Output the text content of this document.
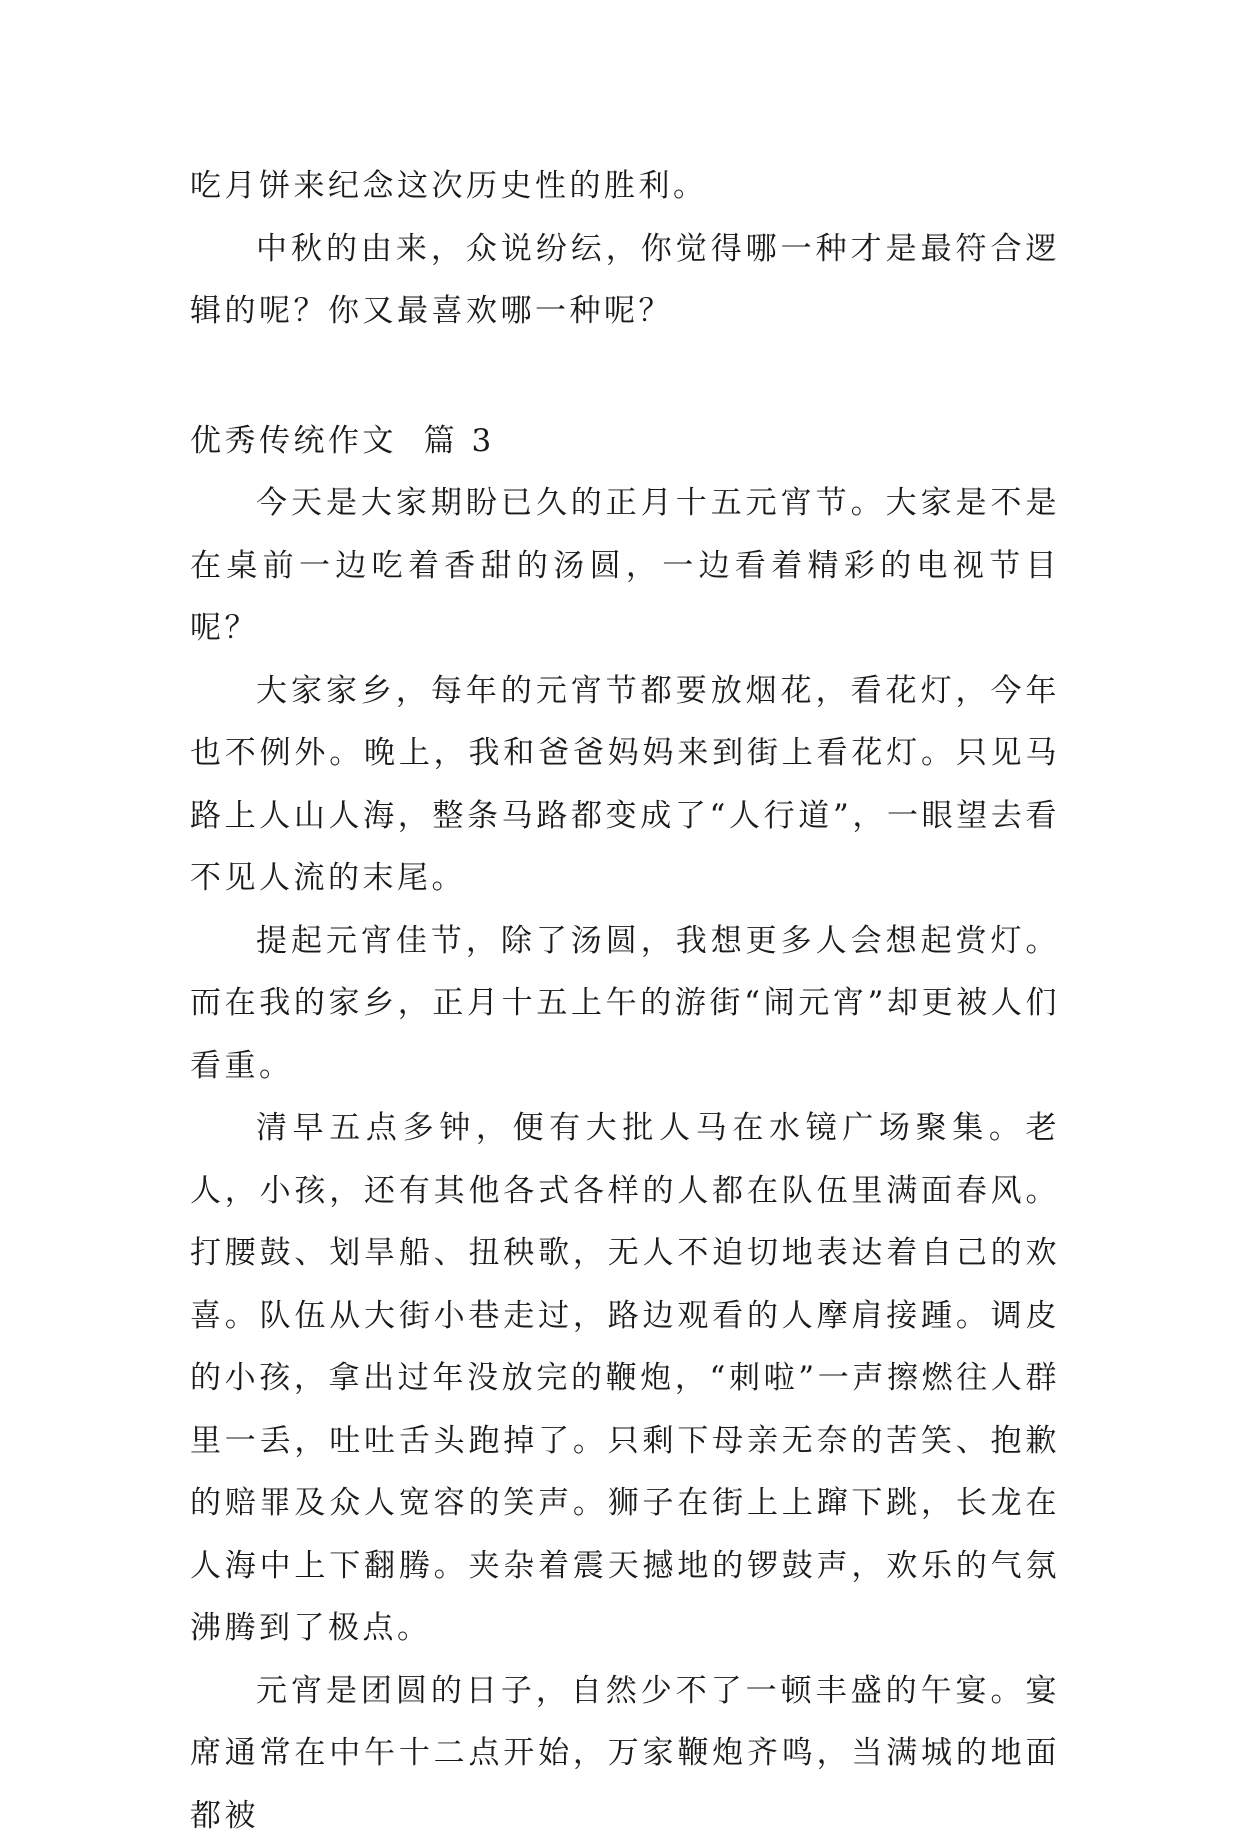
吃月饼来纪念这次历史性的胜利。

中秋的由来，众说纷纭，你觉得哪一种才是最符合逻辑的呢？你又最喜欢哪一种呢？

优秀传统作文  篇 3

今天是大家期盼已久的正月十五元宵节。大家是不是在桌前一边吃着香甜的汤圆，一边看着精彩的电视节目呢？

大家家乡，每年的元宵节都要放烟花，看花灯，今年也不例外。晚上，我和爸爸妈妈来到街上看花灯。只见马路上人山人海，整条马路都变成了“人行道”，一眼望去看不见人流的末尾。

提起元宵佳节，除了汤圆，我想更多人会想起赏灯。而在我的家乡，正月十五上午的游街“闹元宵”却更被人们看重。

清早五点多钟，便有大批人马在水镜广场聚集。老人，小孩，还有其他各式各样的人都在队伍里满面春风。打腰鼓、划旱船、扭秧歌，无人不迫切地表达着自己的欢喜。队伍从大街小巷走过，路边观看的人摩肩接踵。调皮的小孩，拿出过年没放完的鞭炮，“刺啦”一声擦燃往人群里一丢，吐吐舌头跑掉了。只剩下母亲无奈的苦笑、抱歉的赔罪及众人宽容的笑声。狮子在街上上蹿下跳，长龙在人海中上下翻腾。夹杂着震天撼地的锣鼓声，欢乐的气氛沸腾到了极点。

元宵是团圆的日子，自然少不了一顿丰盛的午宴。宴席通常在中午十二点开始，万家鞭炮齐鸣，当满城的地面都被
